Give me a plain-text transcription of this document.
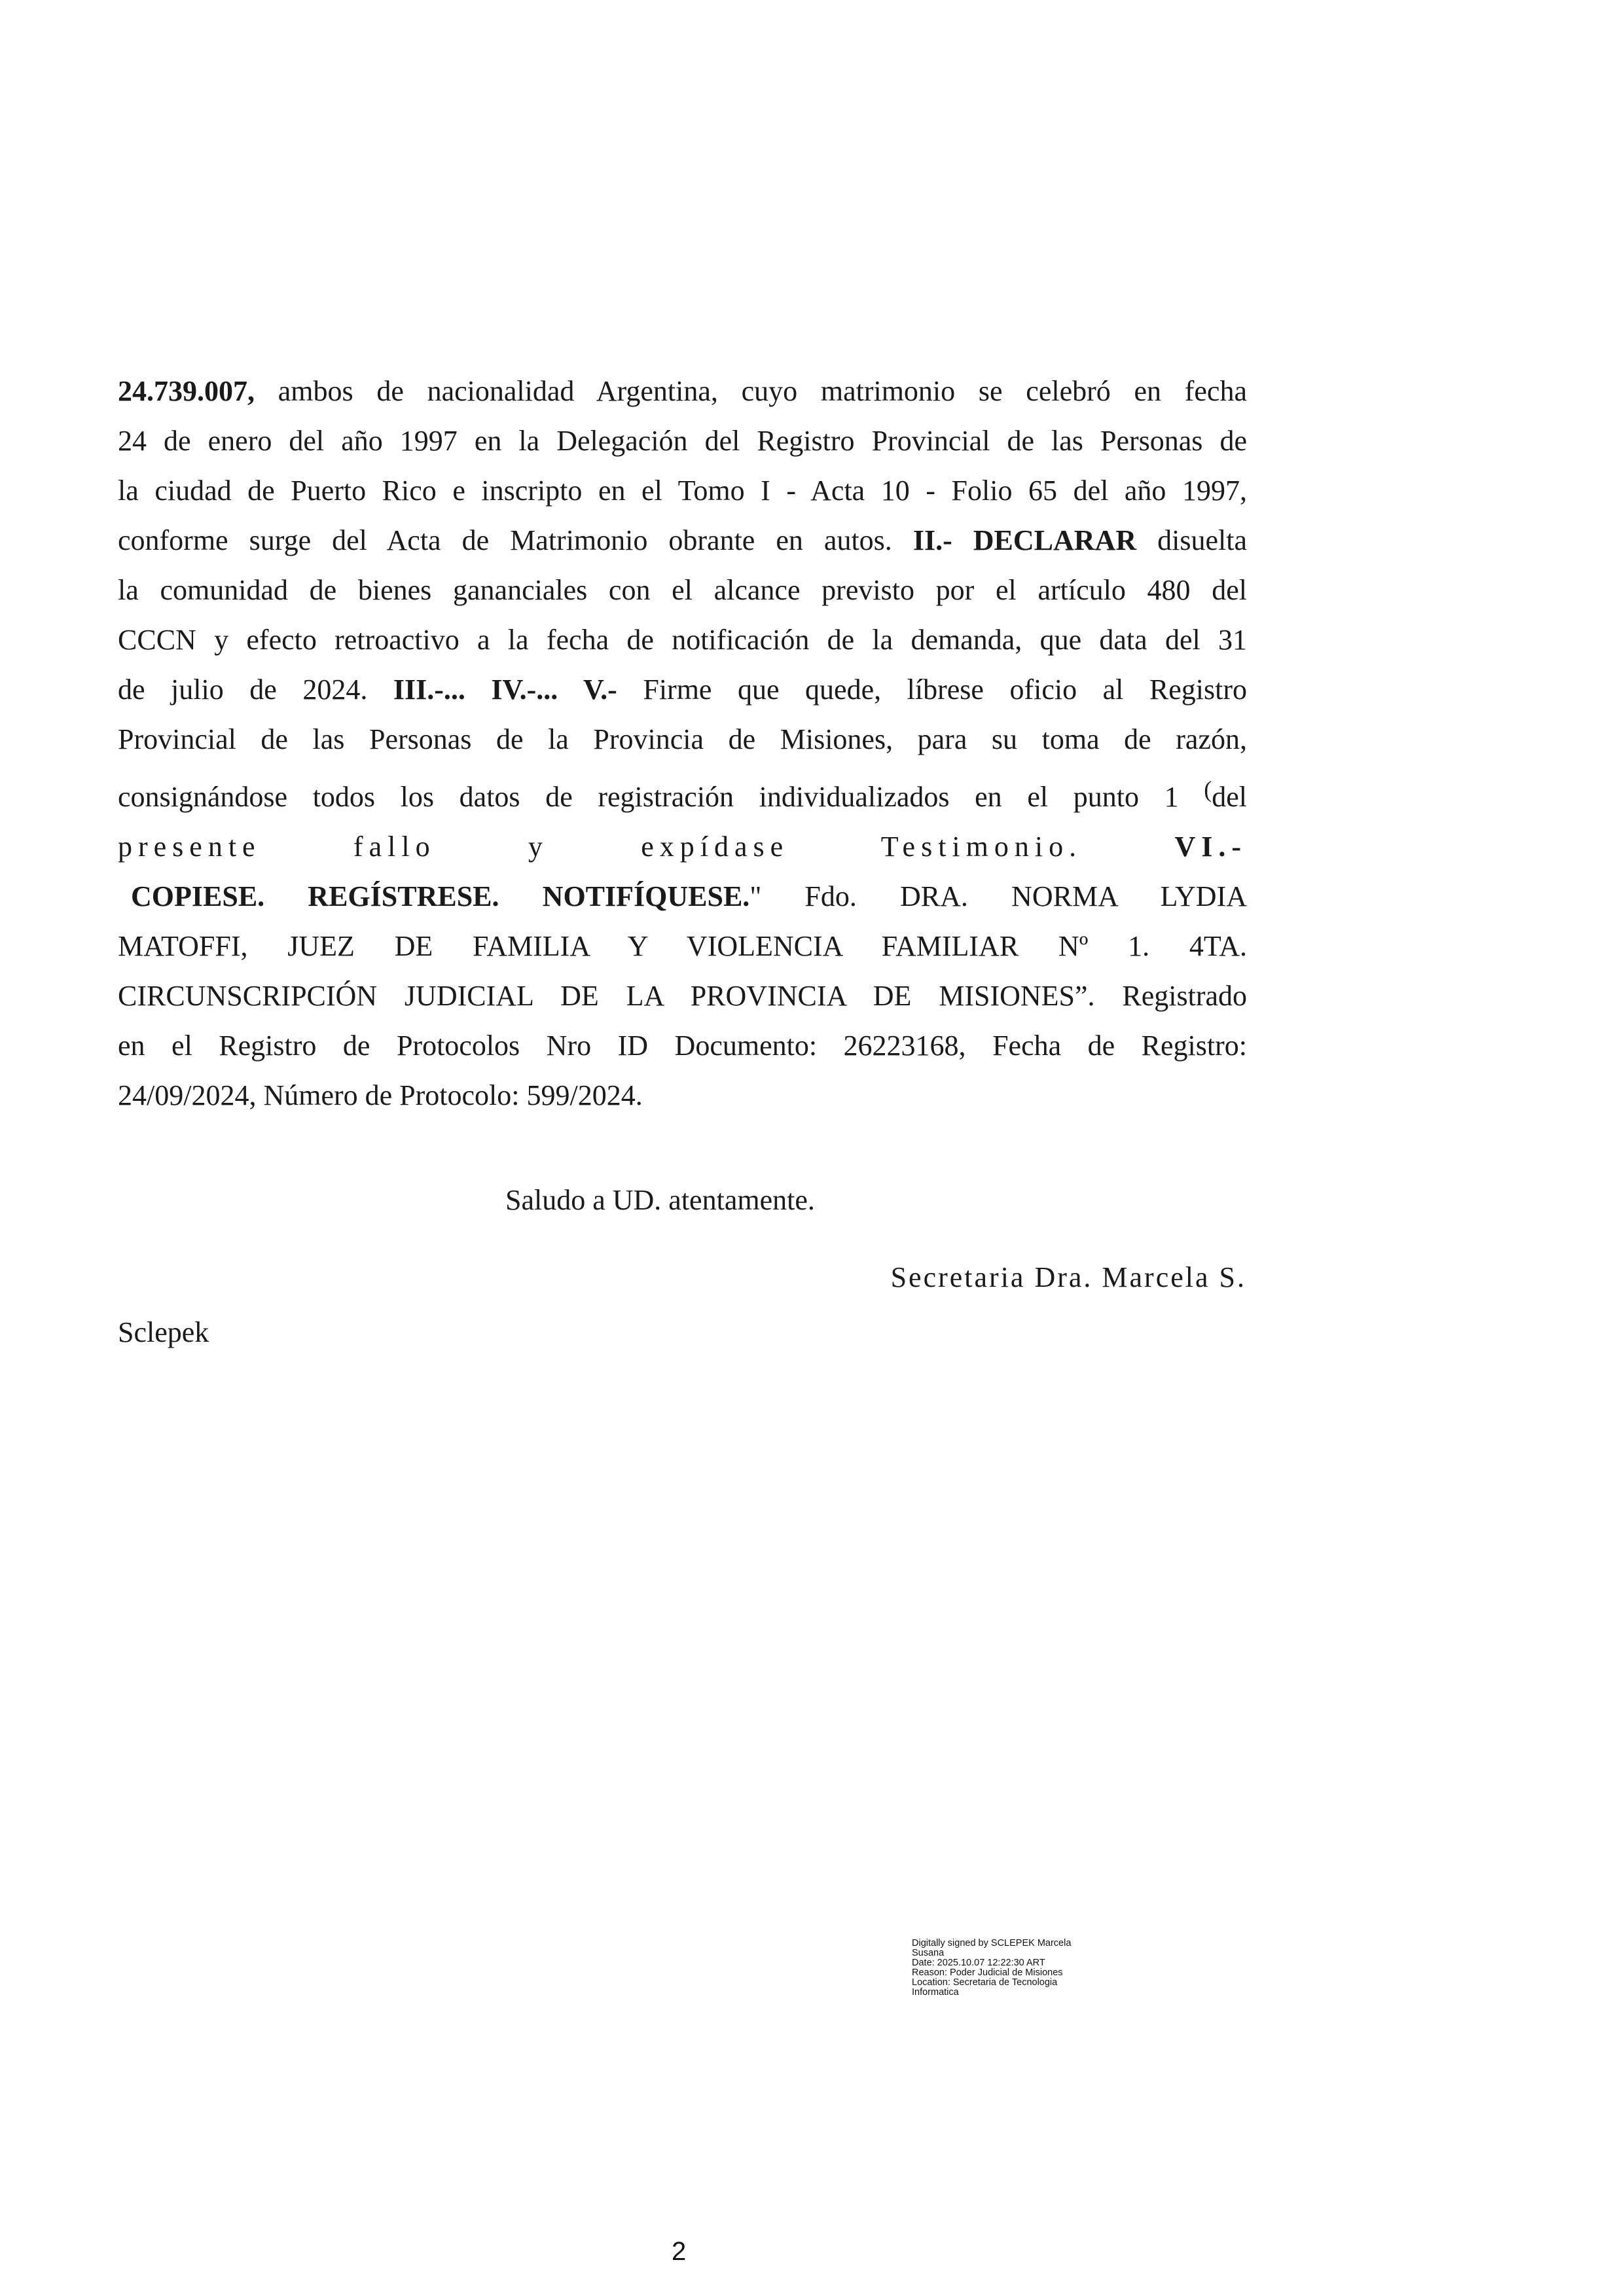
24.739.007, ambos de nacionalidad Argentina, cuyo matrimonio se celebró en fecha
24 de enero del año 1997 en la Delegación del Registro Provincial de las Personas de
la ciudad de Puerto Rico e inscripto en el Tomo I - Acta 10 - Folio 65 del año 1997,
conforme surge del Acta de Matrimonio obrante en autos. II.- DECLARAR disuelta
la comunidad de bienes gananciales con el alcance previsto por el artículo 480 del
CCCN y efecto retroactivo a la fecha de notificación de la demanda, que data del 31
de julio de 2024. III.-... IV.-... V.- Firme que quede, líbrese oficio al Registro
Provincial de las Personas de la Provincia de Misiones, para su toma de razón,
consignándose todos los datos de registración individualizados en el punto 1 (del
presente fallo y expídase Testimonio. VI.-
COPIESE. REGÍSTRESE. NOTIFÍQUESE." Fdo. DRA. NORMA LYDIA
MATOFFI, JUEZ DE FAMILIA Y VIOLENCIA FAMILIAR Nº 1. 4TA.
CIRCUNSCRIPCIÓN JUDICIAL DE LA PROVINCIA DE MISIONES”. Registrado
en el Registro de Protocolos Nro ID Documento: 26223168, Fecha de Registro:
24/09/2024, Número de Protocolo: 599/2024.
Saludo a UD. atentamente.
Secretaria Dra. Marcela S.
Sclepek
Digitally signed by SCLEPEK Marcela
Susana
Date: 2025.10.07 12:22:30 ART
Reason: Poder Judicial de Misiones
Location: Secretaria de Tecnologia
Informatica
2
